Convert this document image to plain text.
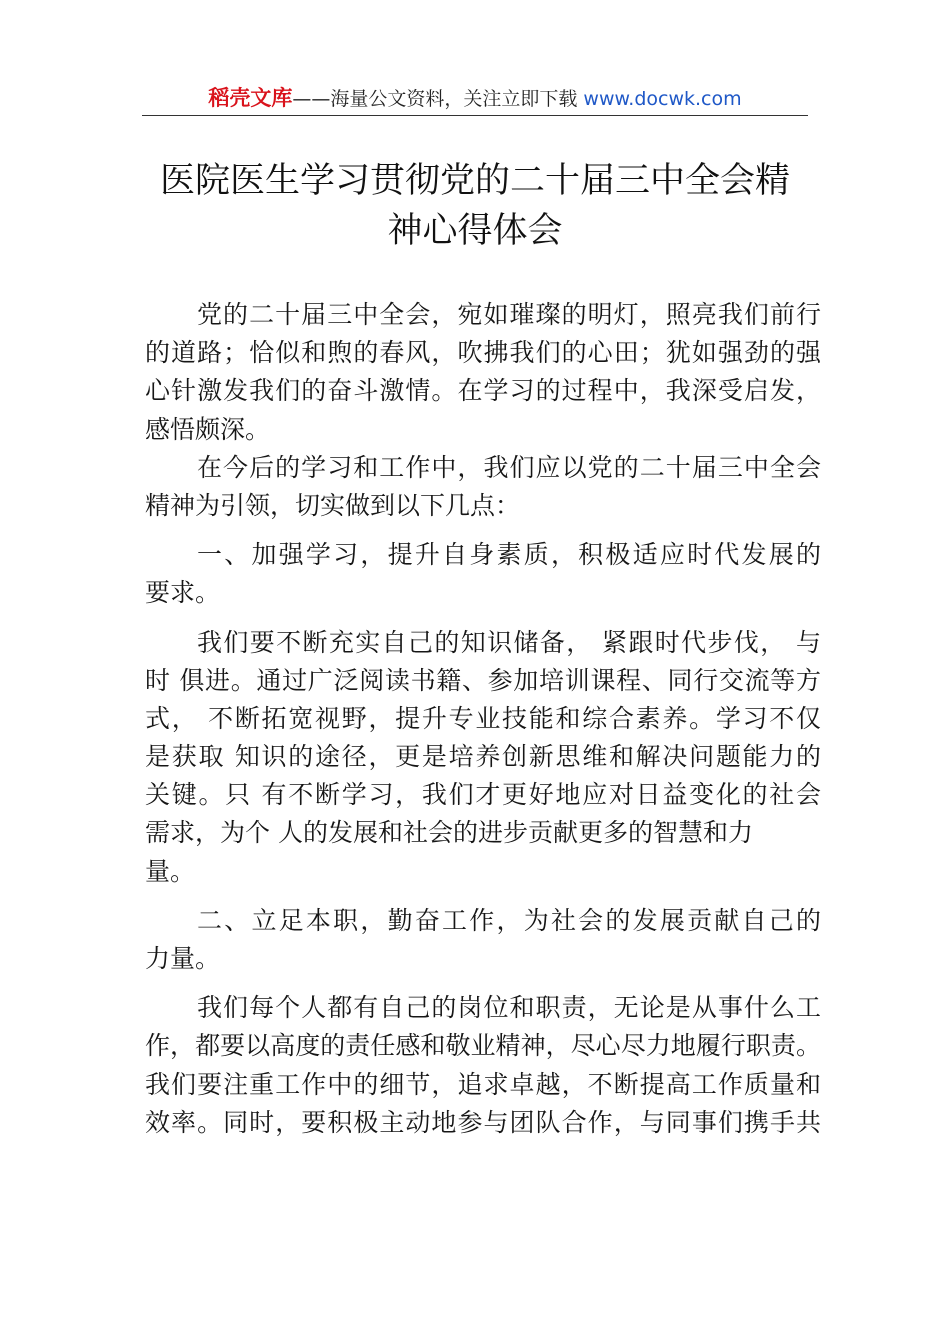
稻壳文库——海量公文资料，关注立即下载 www.docwk.com
医院医生学习贯彻党的二十届三中全会精
神心得体会
党的二十届三中全会，宛如璀璨的明灯，照亮我们前行
的道路；恰似和煦的春风，吹拂我们的心田；犹如强劲的强
心针激发我们的奋斗激情。在学习的过程中，我深受启发，
感悟颇深。
在今后的学习和工作中，我们应以党的二十届三中全会
精神为引领，切实做到以下几点：
一、加强学习，提升自身素质，积极适应时代发展的
要求。
我们要不断充实自己的知识储备， 紧跟时代步伐， 与
时 俱进。通过广泛阅读书籍、参加培训课程、同行交流等方
式， 不断拓宽视野，提升专业技能和综合素养。学习不仅
是获取 知识的途径，更是培养创新思维和解决问题能力的
关键。只 有不断学习，我们才更好地应对日益变化的社会
需求，为个 人的发展和社会的进步贡献更多的智慧和力
量。
二、立足本职，勤奋工作，为社会的发展贡献自己的
力量。
我们每个人都有自己的岗位和职责，无论是从事什么工
作，都要以高度的责任感和敬业精神，尽心尽力地履行职责。
我们要注重工作中的细节，追求卓越，不断提高工作质量和
效率。同时，要积极主动地参与团队合作，与同事们携手共
